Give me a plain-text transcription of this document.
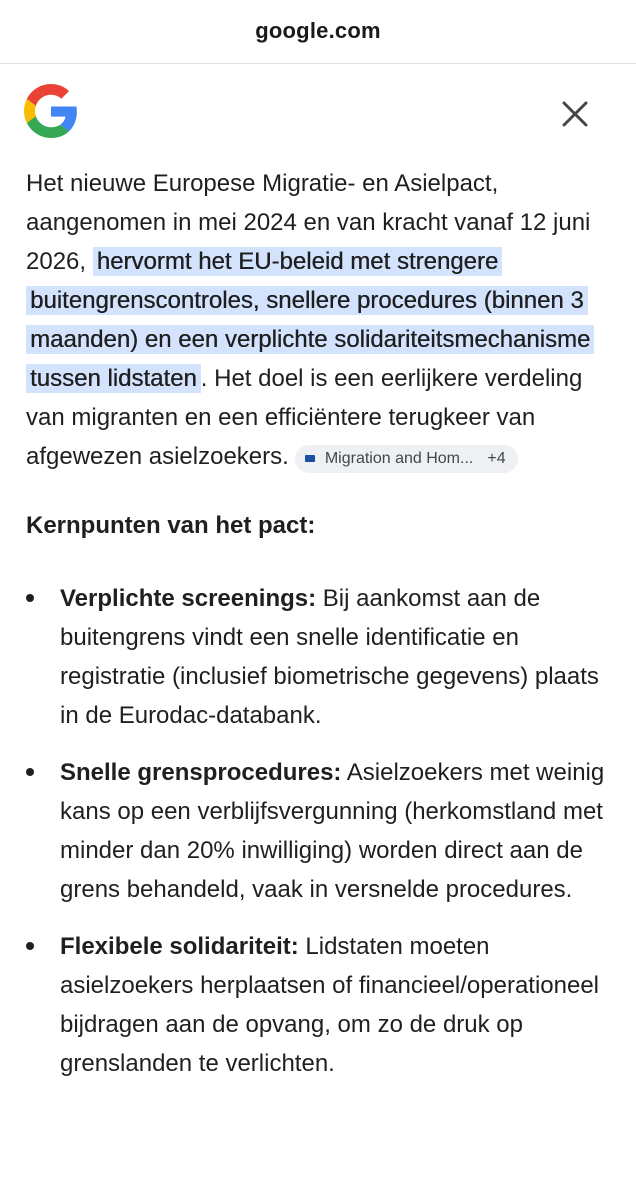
google.com

Het nieuwe Europese Migratie- en Asielpact, aangenomen in mei 2024 en van kracht vanaf 12 juni 2026, hervormt het EU-beleid met strengere buitengrenscontroles, snellere procedures (binnen 3 maanden) en een verplichte solidariteitsmechanisme tussen lidstaten . Het doel is een eerlijkere verdeling van migranten en een efficiëntere terugkeer van afgewezen asielzoekers. Migration and Hom... +4

Kernpunten van het pact:
Verplichte screenings: Bij aankomst aan de buitengrens vindt een snelle identificatie en registratie (inclusief biometrische gegevens) plaats in de Eurodac-databank.
Snelle grensprocedures: Asielzoekers met weinig kans op een verblijfsvergunning (herkomstland met minder dan 20% inwilliging) worden direct aan de grens behandeld, vaak in versnelde procedures.
Flexibele solidariteit: Lidstaten moeten asielzoekers herplaatsen of financieel/operationeel bijdragen aan de opvang, om zo de druk op grenslanden te verlichten.
